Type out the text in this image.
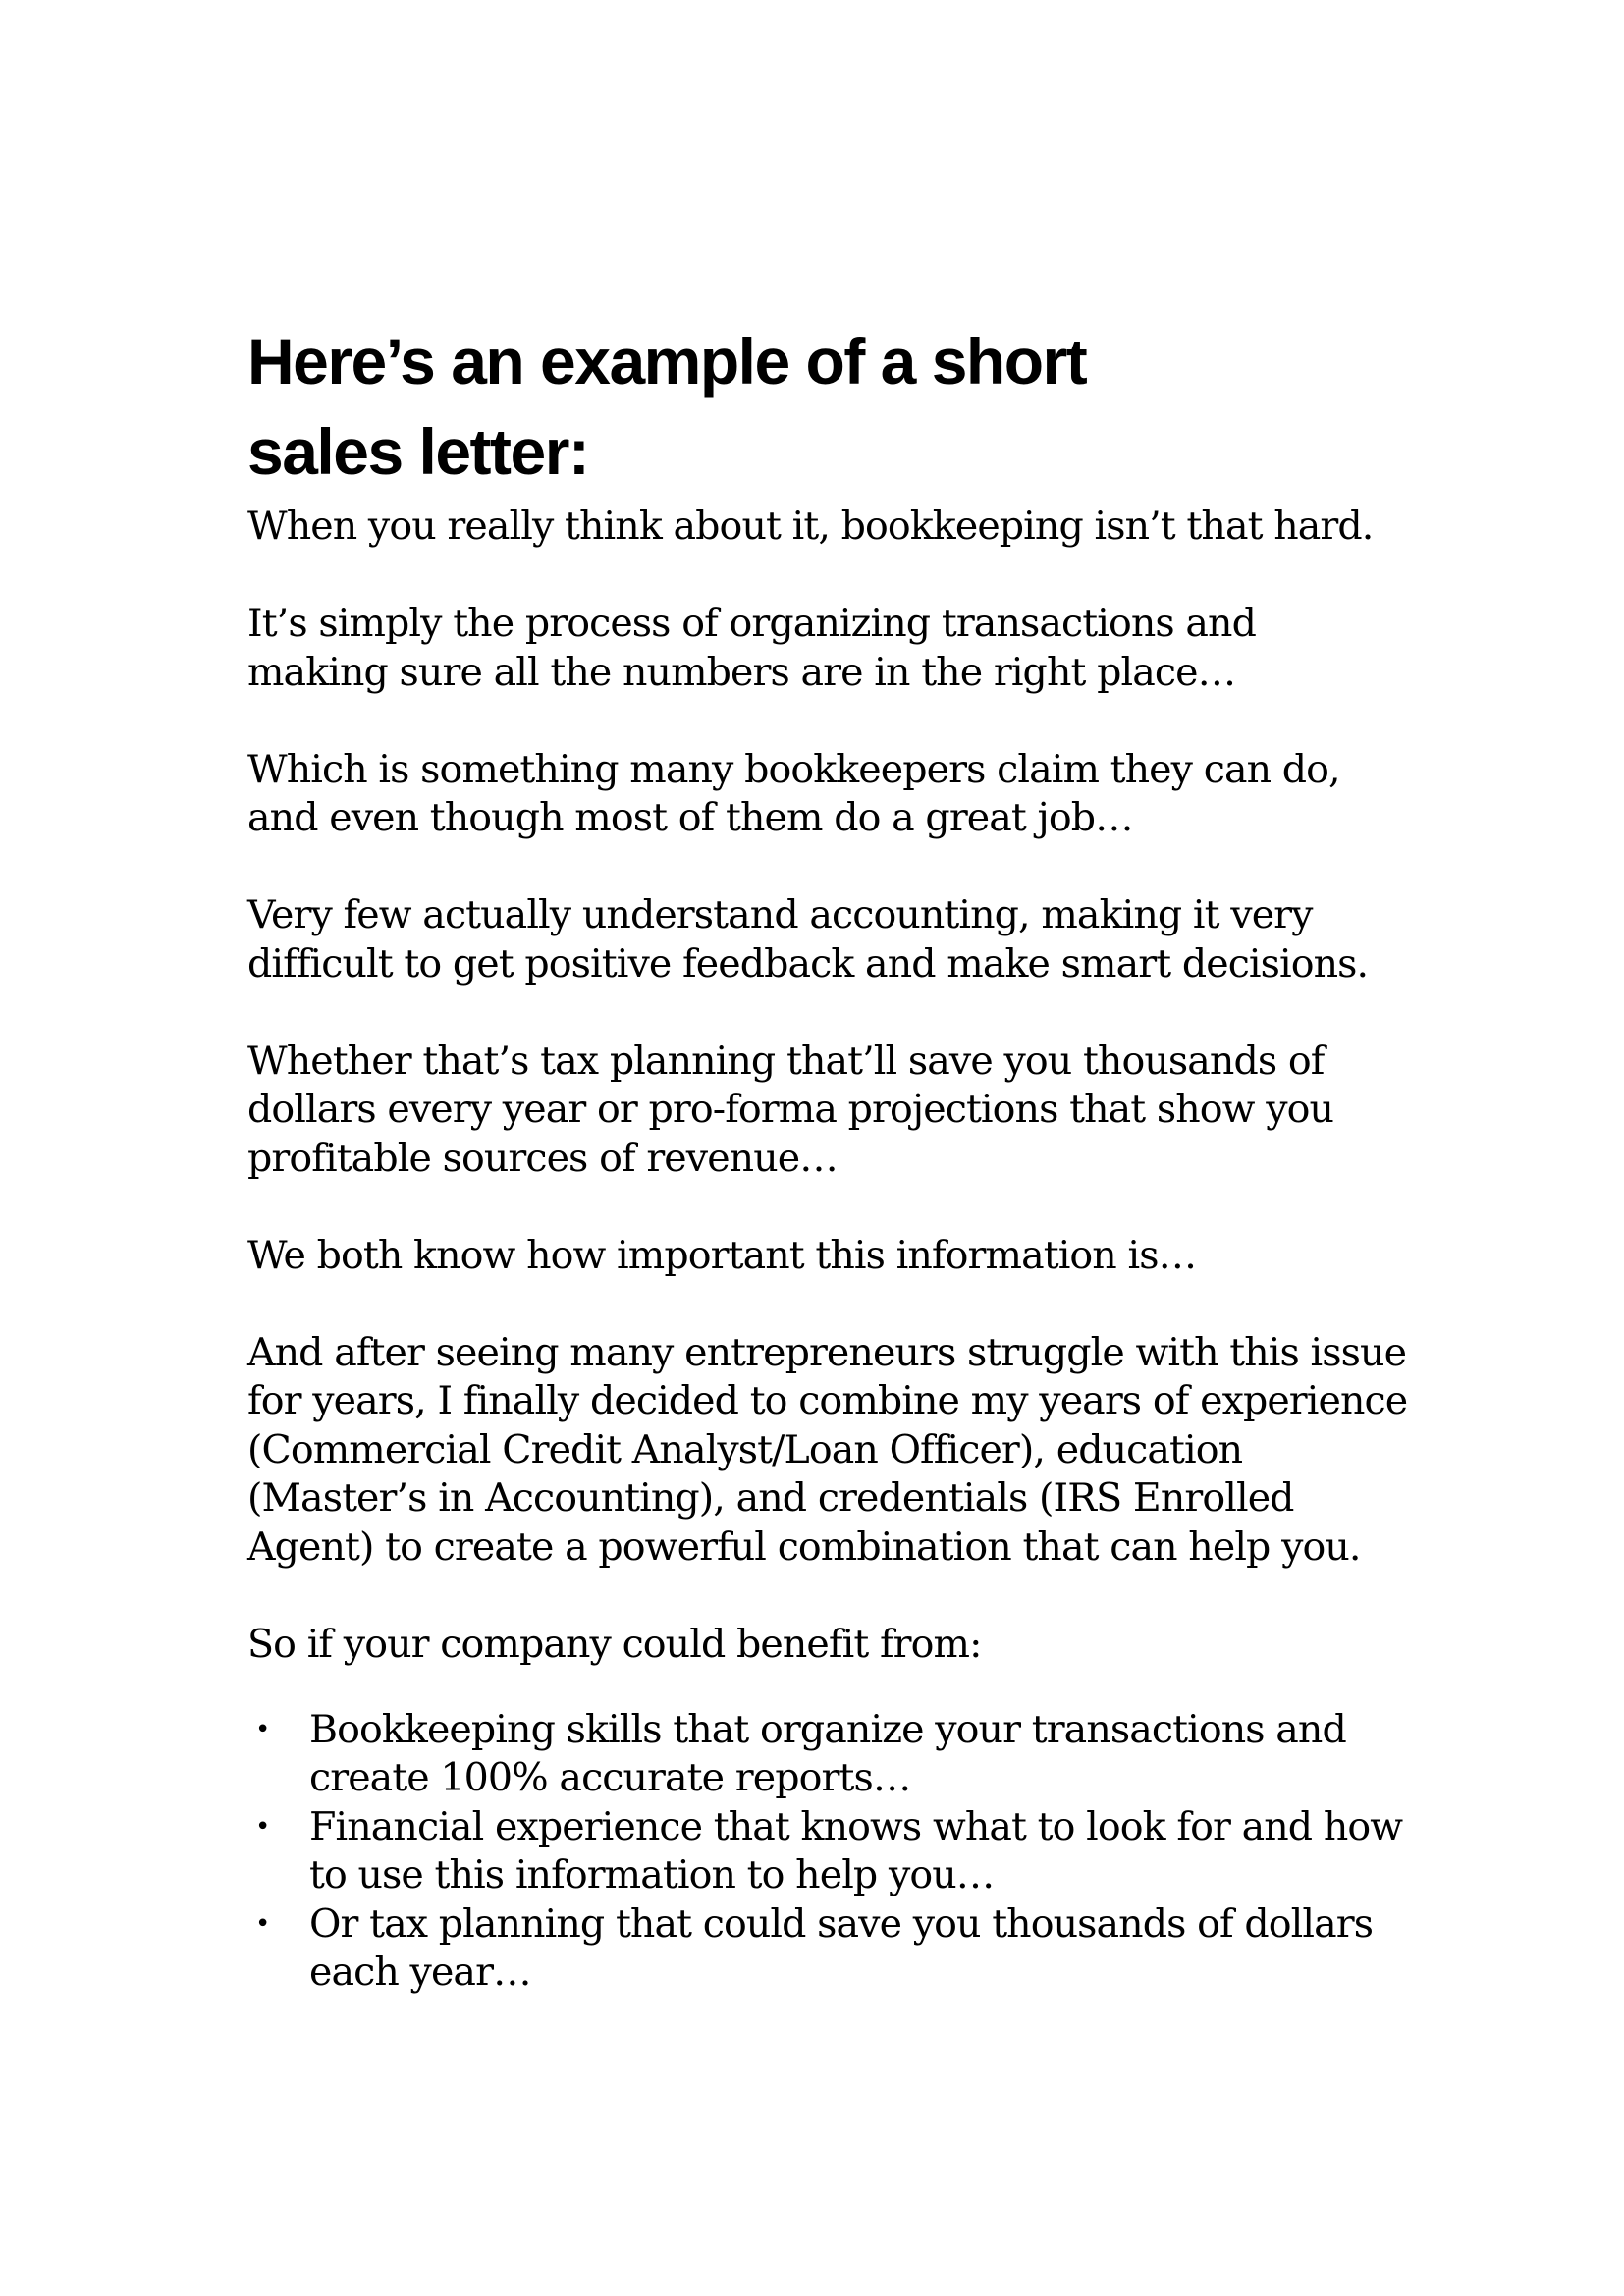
Here’s an example of a short
sales letter:

When you really think about it, bookkeeping isn’t that hard.

It’s simply the process of organizing transactions and
making sure all the numbers are in the right place…

Which is something many bookkeepers claim they can do,
and even though most of them do a great job…

Very few actually understand accounting, making it very
difficult to get positive feedback and make smart decisions.

Whether that’s tax planning that’ll save you thousands of
dollars every year or pro-forma projections that show you
profitable sources of revenue…

We both know how important this information is…

And after seeing many entrepreneurs struggle with this issue
for years, I finally decided to combine my years of experience
(Commercial Credit Analyst/Loan Officer), education
(Master’s in Accounting), and credentials (IRS Enrolled
Agent) to create a powerful combination that can help you.

So if your company could benefit from:

• Bookkeeping skills that organize your transactions and
create 100% accurate reports…
• Financial experience that knows what to look for and how
to use this information to help you…
• Or tax planning that could save you thousands of dollars
each year…
